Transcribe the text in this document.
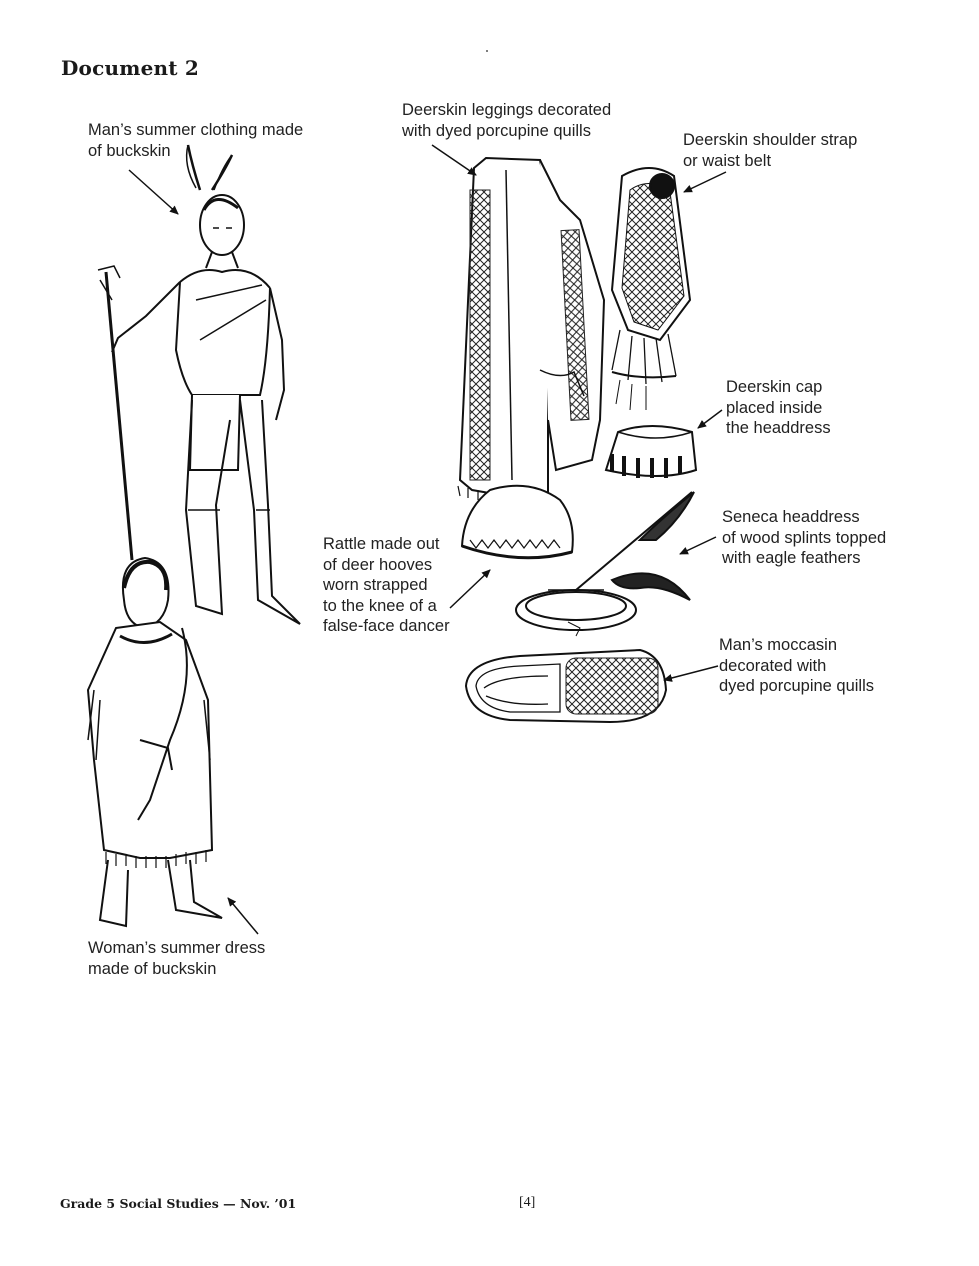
Document 2
Man’s summer clothing made
of buckskin
Deerskin leggings decorated
with dyed porcupine quills
Deerskin shoulder strap
or waist belt
Deerskin cap
placed inside
the headdress
Seneca headdress
of wood splints topped
with eagle feathers
Rattle made out
of deer hooves
worn strapped
to the knee of a
false-face dancer
Man’s moccasin
decorated with
dyed porcupine quills
Woman’s summer dress
made of buckskin
Grade 5 Social Studies — Nov. ’01	[4]
